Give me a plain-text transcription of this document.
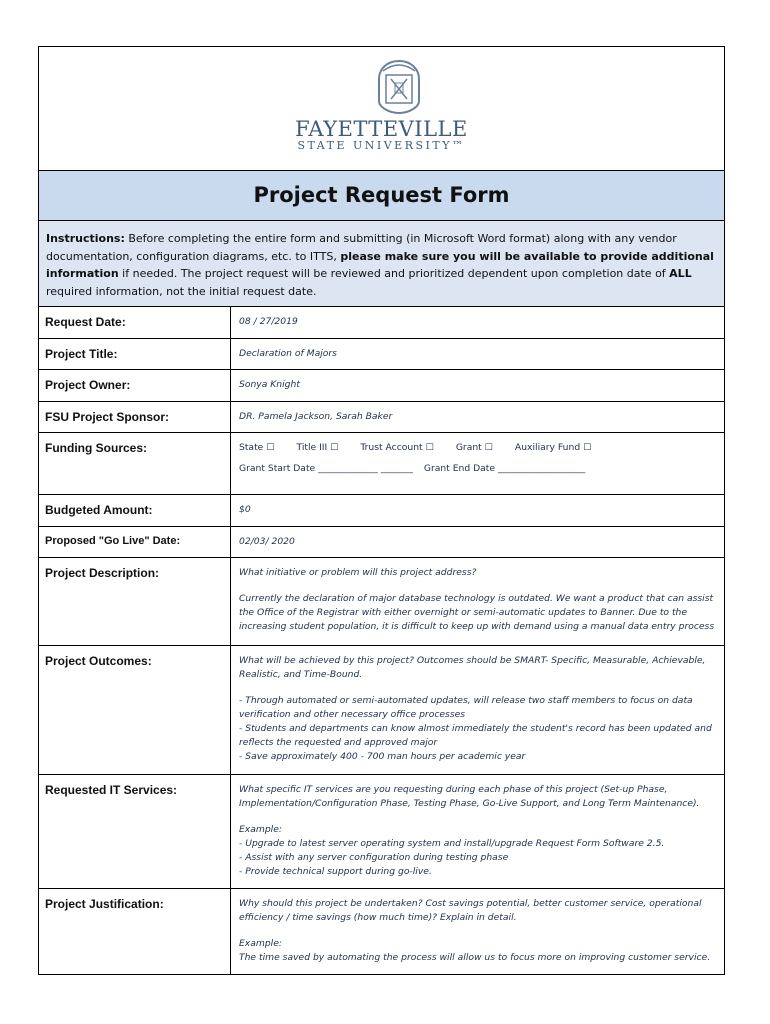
FAYETTEVILLE
STATE UNIVERSITY™
Project Request Form
Instructions: Before completing the entire form and submitting (in Microsoft Word format) along with any vendor documentation, configuration diagrams, etc. to ITTS, please make sure you will be available to provide additional information if needed. The project request will be reviewed and prioritized dependent upon completion date of ALL required information, not the initial request date.
Request Date:	08 / 27/2019
Project Title:	Declaration of Majors
Project Owner:	Sonya Knight
FSU Project Sponsor:	DR. Pamela Jackson, Sarah Baker
Funding Sources:	State ☐ Title III ☐ Trust Account ☐ Grant ☐ Auxiliary Fund ☐
Grant Start Date _____________ _______ Grant End Date ___________________
Budgeted Amount:	$0
Proposed "Go Live" Date:	02/03/ 2020
Project Description:	What initiative or problem will this project address?

Currently the declaration of major database technology is outdated. We want a product that can assist the Office of the Registrar with either overnight or semi-automatic updates to Banner. Due to the increasing student population, it is difficult to keep up with demand using a manual data entry process

Project Outcomes:	What will be achieved by this project? Outcomes should be SMART- Specific, Measurable, Achievable, Realistic, and Time-Bound.

- Through automated or semi-automated updates, will release two staff members to focus on data verification and other necessary office processes

- Students and departments can know almost immediately the student's record has been updated and reflects the requested and approved major

- Save approximately 400 - 700 man hours per academic year

Requested IT Services:	What specific IT services are you requesting during each phase of this project (Set-up Phase, Implementation/Configuration Phase, Testing Phase, Go-Live Support, and Long Term Maintenance).

Example:

- Upgrade to latest server operating system and install/upgrade Request Form Software 2.5.

- Assist with any server configuration during testing phase

- Provide technical support during go-live.

Project Justification:	Why should this project be undertaken? Cost savings potential, better customer service, operational efficiency / time savings (how much time)? Explain in detail.

Example:

The time saved by automating the process will allow us to focus more on improving customer service.
